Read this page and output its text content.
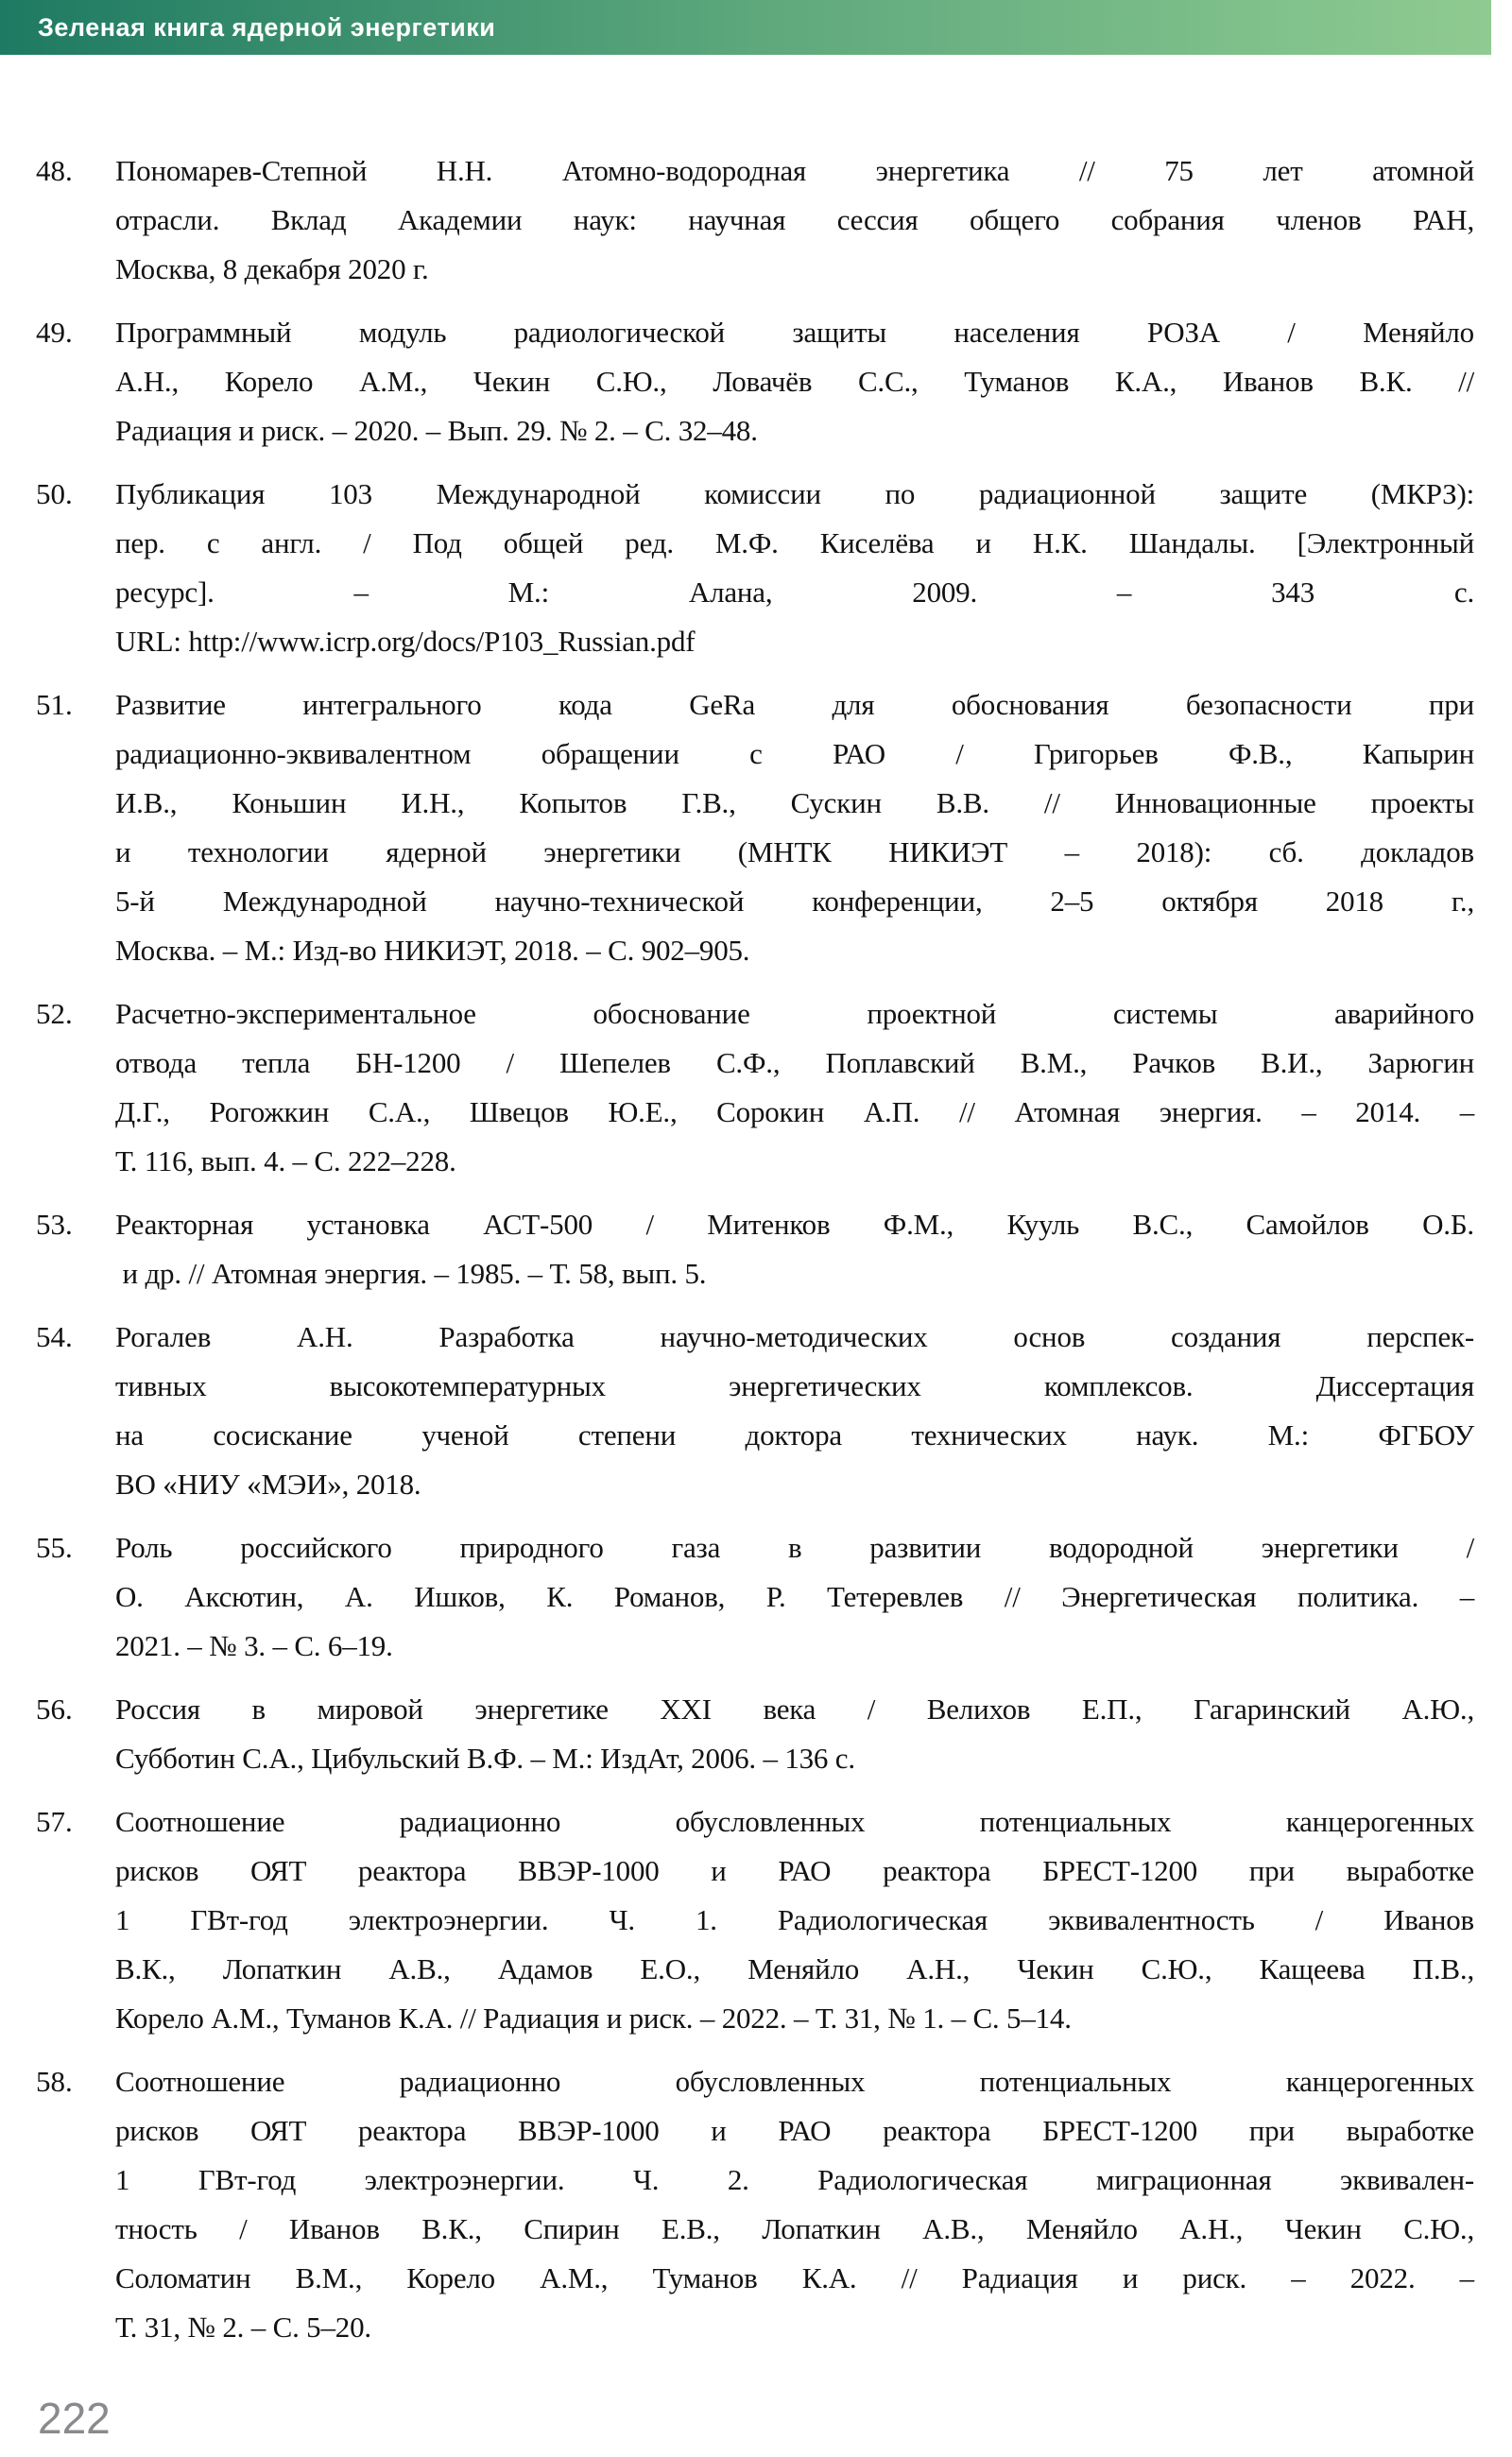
Зеленая книга ядерной энергетики
48.	Пономарев-Степной Н.Н. Атомно-водородная энергетика // 75 лет атомной
отрасли. Вклад Академии наук: научная сессия общего собрания членов РАН,
Москва, 8 декабря 2020 г.
49.	Программный модуль радиологической защиты населения РОЗА / Меняйло
А.Н., Корело А.М., Чекин С.Ю., Ловачёв С.С., Туманов К.А., Иванов В.К. //
Радиация и риск. – 2020. – Вып. 29. № 2. – С. 32–48.
50.	Публикация 103 Международной комиссии по радиационной защите (МКРЗ):
пер. с англ. / Под общей ред. М.Ф. Киселёва и Н.К. Шандалы. [Электронный
ресурс]. – М.: Алана, 2009. – 343 с.
URL: http://www.icrp.org/docs/P103_Russian.pdf
51.	Развитие интегрального кода GeRa для обоснования безопасности при
радиационно-эквивалентном обращении с РАО / Григорьев Ф.В., Капырин
И.В., Коньшин И.Н., Копытов Г.В., Сускин В.В. // Инновационные проекты
и технологии ядерной энергетики (МНТК НИКИЭТ – 2018): сб. докладов
5-й Международной научно-технической конференции, 2–5 октября 2018 г.,
Москва. – М.: Изд-во НИКИЭТ, 2018. – С. 902–905.
52.	Расчетно-экспериментальное обоснование проектной системы аварийного
отвода тепла БН-1200 / Шепелев С.Ф., Поплавский В.М., Рачков В.И., Зарюгин
Д.Г., Рогожкин С.А., Швецов Ю.Е., Сорокин А.П. // Атомная энергия. – 2014. –
Т. 116, вып. 4. – С. 222–228.
53.	Реакторная установка АСТ-500 / Митенков Ф.М., Кууль В.С., Самойлов О.Б.
и др. // Атомная энергия. – 1985. – Т. 58, вып. 5.
54.	Рогалев А.Н. Разработка научно-методических основ создания перспек-
тивных высокотемпературных энергетических комплексов. Диссертация
на сосискание ученой степени доктора технических наук. М.: ФГБОУ
ВО «НИУ «МЭИ», 2018.
55.	Роль российского природного газа в развитии водородной энергетики /
О. Аксютин, А. Ишков, К. Романов, Р. Тетеревлев // Энергетическая политика. –
2021. – № 3. – С. 6–19.
56.	Россия в мировой энергетике XXI века / Велихов Е.П., Гагаринский А.Ю.,
Субботин С.А., Цибульский В.Ф. – М.: ИздАт, 2006. – 136 с.
57.	Соотношение радиационно обусловленных потенциальных канцерогенных
рисков ОЯТ реактора ВВЭР-1000 и РАО реактора БРЕСТ-1200 при выработке
1 ГВт-год электроэнергии. Ч. 1. Радиологическая эквивалентность / Иванов
В.К., Лопаткин А.В., Адамов Е.О., Меняйло А.Н., Чекин С.Ю., Кащеева П.В.,
Корело А.М., Туманов К.А. // Радиация и риск. – 2022. – Т. 31, № 1. – С. 5–14.
58.	Соотношение радиационно обусловленных потенциальных канцерогенных
рисков ОЯТ реактора ВВЭР-1000 и РАО реактора БРЕСТ-1200 при выработке
1 ГВт-год электроэнергии. Ч. 2. Радиологическая миграционная эквивален-
тность / Иванов В.К., Спирин Е.В., Лопаткин А.В., Меняйло А.Н., Чекин С.Ю.,
Соломатин В.М., Корело А.М., Туманов К.А. // Радиация и риск. – 2022. –
Т. 31, № 2. – С. 5–20.
222
